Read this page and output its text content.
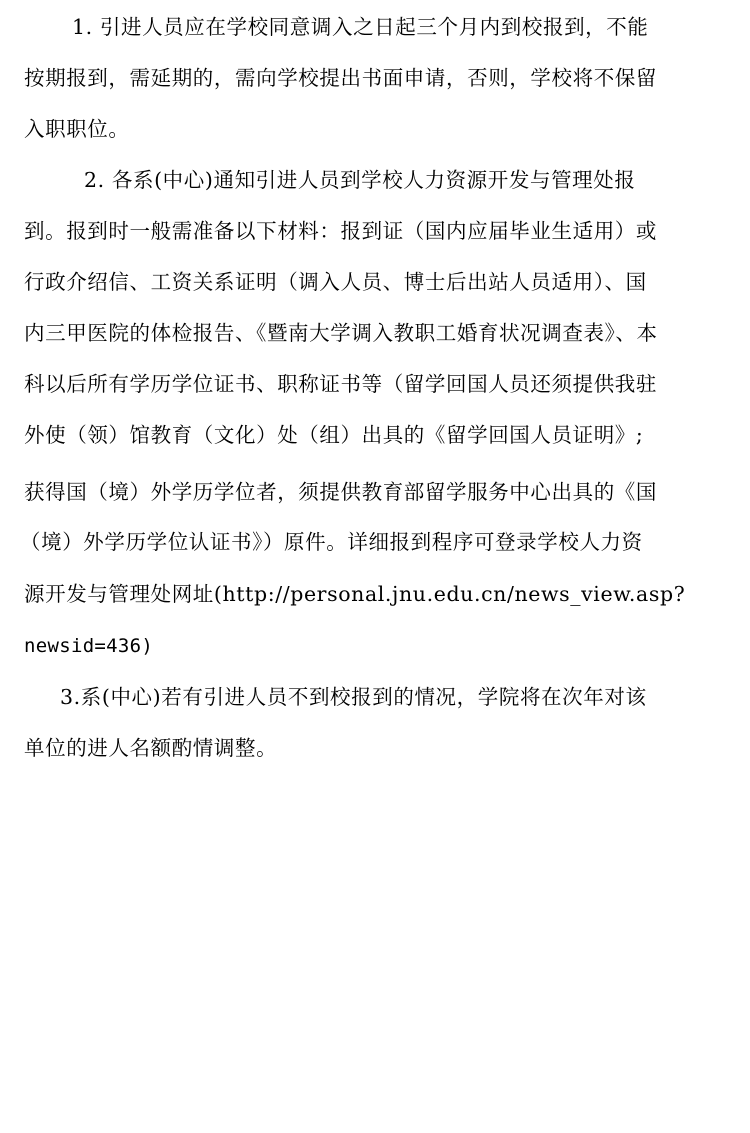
1. 引进人员应在学校同意调入之日起三个月内到校报到，不能
按期报到，需延期的，需向学校提出书面申请，否则，学校将不保留
入职职位。
2. 各系(中心)通知引进人员到学校人力资源开发与管理处报
到。报到时一般需准备以下材料：报到证（国内应届毕业生适用）或
行政介绍信、工资关系证明（调入人员、博士后出站人员适用）、国
内三甲医院的体检报告、《暨南大学调入教职工婚育状况调查表》、本
科以后所有学历学位证书、职称证书等（留学回国人员还须提供我驻
外使（领）馆教育（文化）处（组）出具的《留学回国人员证明》;
获得国（境）外学历学位者，须提供教育部留学服务中心出具的《国
（境）外学历学位认证书》）原件。详细报到程序可登录学校人力资
源开发与管理处网址(http://personal.jnu.edu.cn/news_view.asp?
newsid=436)
3.系(中心)若有引进人员不到校报到的情况，学院将在次年对该
单位的进人名额酌情调整。
